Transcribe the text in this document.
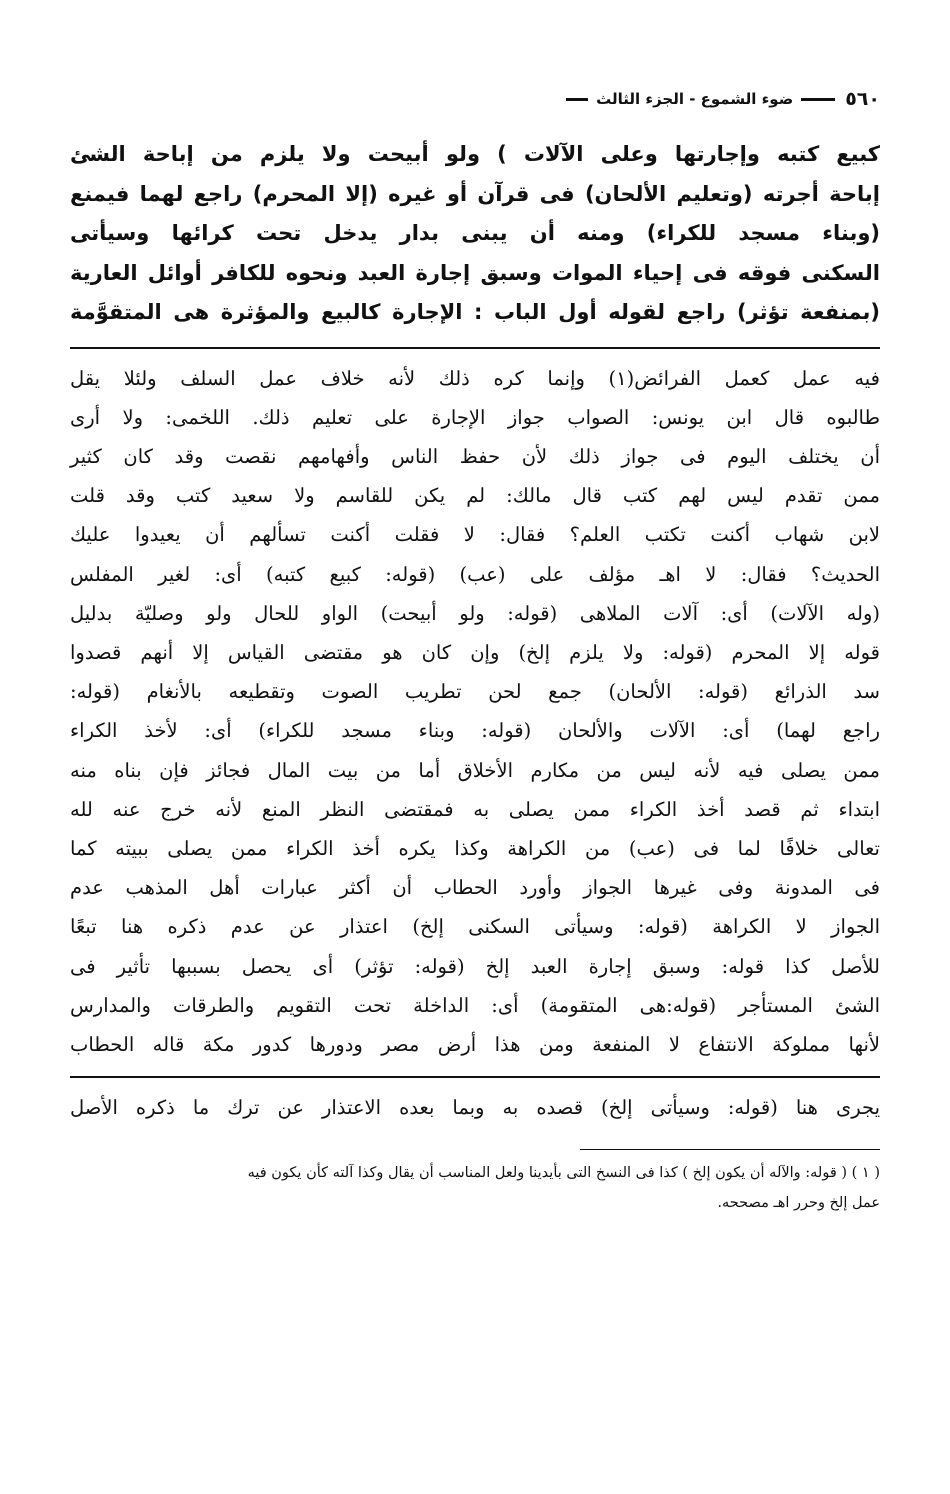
٥٦٠
ضوء الشموع - الجزء الثالث
كبيع كتبه وإجارتها وعلى الآلات ) ولو أبيحت ولا يلزم من إباحة الشئ
إباحة أجرته (وتعليم الألحان) فى قرآن أو غيره (إلا المحرم) راجع لهما فيمنع
(وبناء مسجد للكراء) ومنه أن يبنى بدار يدخل تحت كرائها وسيأتى
السكنى فوقه فى إحياء الموات وسبق إجارة العبد ونحوه للكافر أوائل العارية
(بمنفعة تؤثر) راجع لقوله أول الباب : الإجارة كالبيع والمؤثرة هى المتقوَّمة
فيه عمل كعمل الفرائض(١) وإنما كره ذلك لأنه خلاف عمل السلف ولئلا يقل
طالبوه قال ابن يونس: الصواب جواز الإجارة على تعليم ذلك. اللخمى: ولا أرى
أن يختلف اليوم فى جواز ذلك لأن حفظ الناس وأفهامهم نقصت وقد كان كثير
ممن تقدم ليس لهم كتب قال مالك: لم يكن للقاسم ولا سعيد كتب وقد قلت
لابن شهاب أكنت تكتب العلم؟ فقال: لا فقلت أكنت تسألهم أن يعيدوا عليك
الحديث؟ فقال: لا اهـ مؤلف على (عب) (قوله: كبيع كتبه) أى: لغير المفلس
(وله الآلات) أى: آلات الملاهى (قوله: ولو أبيحت) الواو للحال ولو وصليّة بدليل
قوله إلا المحرم (قوله: ولا يلزم إلخ) وإن كان هو مقتضى القياس إلا أنهم قصدوا
سد الذرائع (قوله: الألحان) جمع لحن تطريب الصوت وتقطيعه بالأنغام (قوله:
راجع لهما) أى: الآلات والألحان (قوله: وبناء مسجد للكراء) أى: لأخذ الكراء
ممن يصلى فيه لأنه ليس من مكارم الأخلاق أما من بيت المال فجائز فإن بناه منه
ابتداء ثم قصد أخذ الكراء ممن يصلى به فمقتضى النظر المنع لأنه خرج عنه لله
تعالى خلافًا لما فى (عب) من الكراهة وكذا يكره أخذ الكراء ممن يصلى ببيته كما
فى المدونة وفى غيرها الجواز وأورد الحطاب أن أكثر عبارات أهل المذهب عدم
الجواز لا الكراهة (قوله: وسيأتى السكنى إلخ) اعتذار عن عدم ذكره هنا تبعًا
للأصل كذا قوله: وسبق إجارة العبد إلخ (قوله: تؤثر) أى يحصل بسببها تأثير فى
الشئ المستأجر (قوله:هى المتقومة) أى: الداخلة تحت التقويم والطرقات والمدارس
لأنها مملوكة الانتفاع لا المنفعة ومن هذا أرض مصر ودورها كدور مكة قاله الحطاب
يجرى هنا (قوله: وسيأتى إلخ) قصده به وبما بعده الاعتذار عن ترك ما ذكره الأصل
( ١ ) ( قوله: والآله أن يكون إلخ ) كذا فى النسخ التى بأيدينا ولعل المناسب أن يقال وكذا آلته كأن يكون فيه
عمل إلخ وحرر اهـ مصححه.
